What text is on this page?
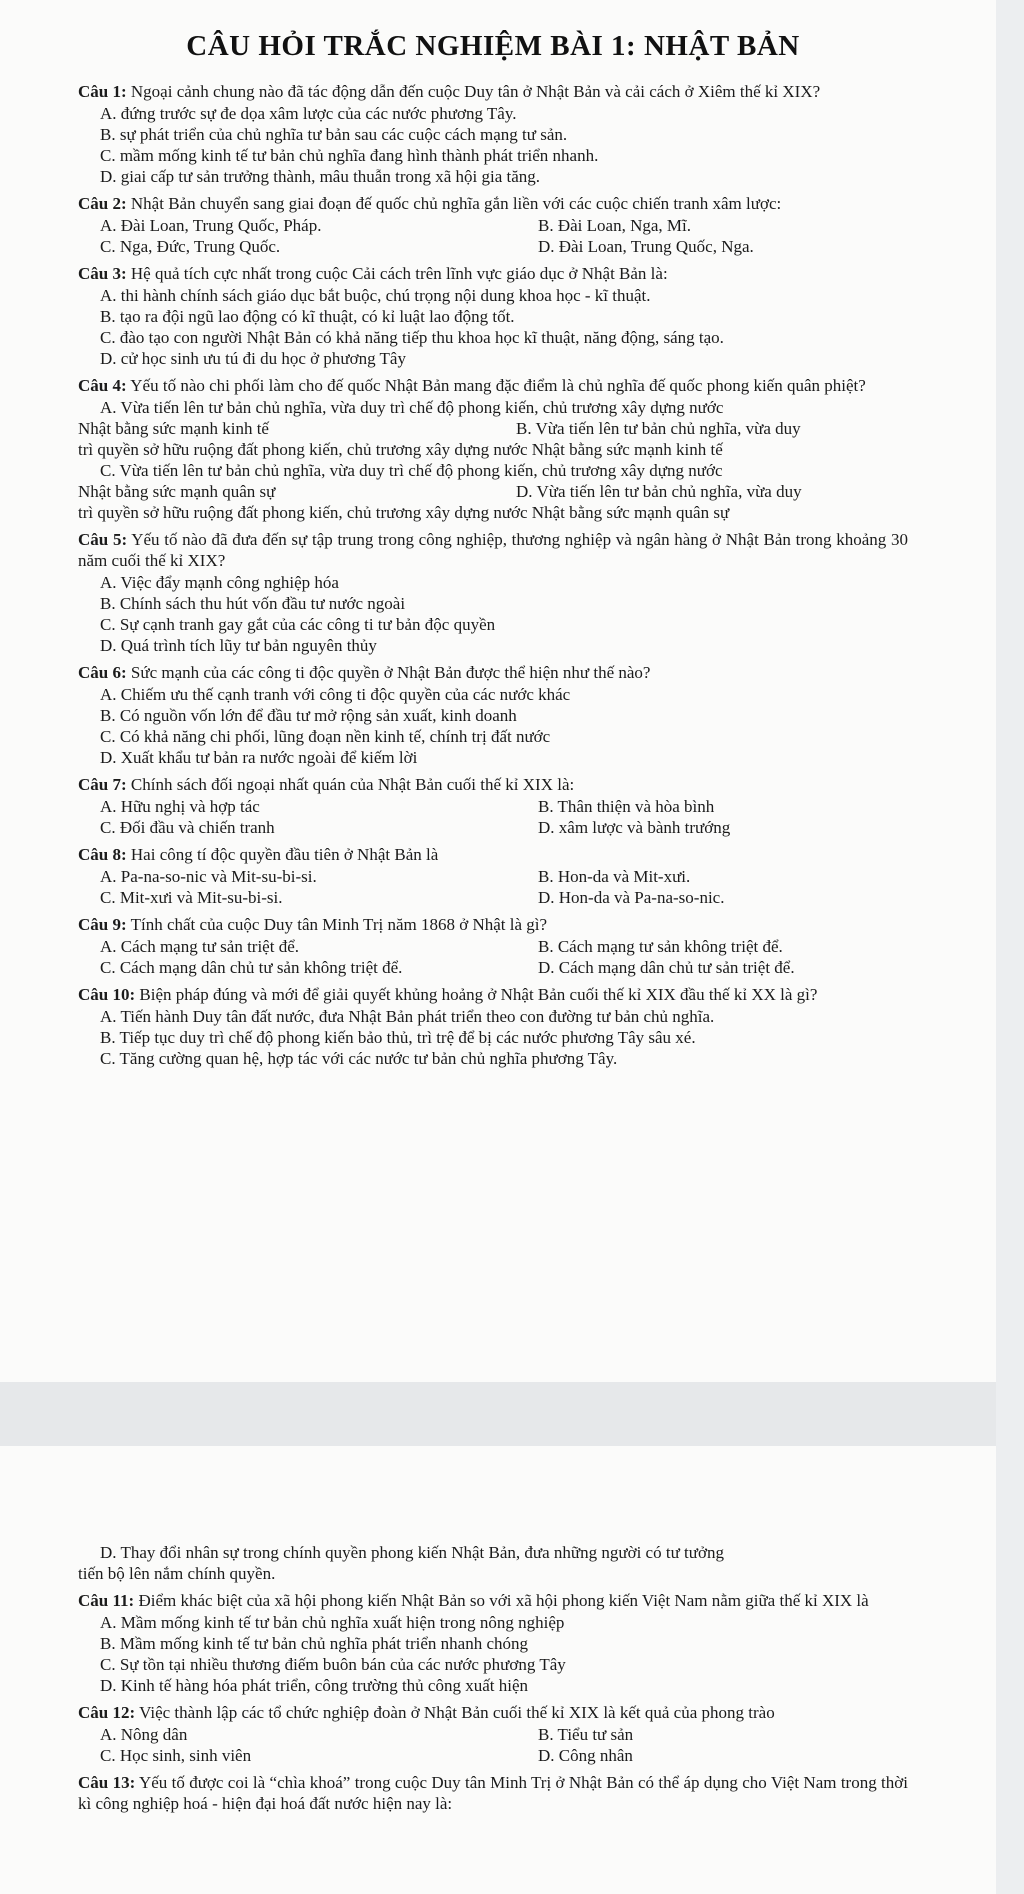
CÂU HỎI TRẮC NGHIỆM BÀI 1: NHẬT BẢN

Câu 1: Ngoại cảnh chung nào đã tác động dẫn đến cuộc Duy tân ở Nhật Bản và cải cách ở Xiêm thế kỉ XIX?

A. đứng trước sự đe dọa xâm lược của các nước phương Tây.

B. sự phát triển của chủ nghĩa tư bản sau các cuộc cách mạng tư sản.

C. mầm mống kinh tế tư bản chủ nghĩa đang hình thành phát triển nhanh.

D. giai cấp tư sản trưởng thành, mâu thuẫn trong xã hội gia tăng.

Câu 2: Nhật Bản chuyển sang giai đoạn đế quốc chủ nghĩa gắn liền với các cuộc chiến tranh xâm lược:

A. Đài Loan, Trung Quốc, Pháp.	B. Đài Loan, Nga, Mĩ.
C. Nga, Đức, Trung Quốc.	D. Đài Loan, Trung Quốc, Nga.

Câu 3: Hệ quả tích cực nhất trong cuộc Cải cách trên lĩnh vực giáo dục ở Nhật Bản là:

A. thi hành chính sách giáo dục bắt buộc, chú trọng nội dung khoa học - kĩ thuật.

B. tạo ra đội ngũ lao động có kĩ thuật, có kỉ luật lao động tốt.

C. đào tạo con người Nhật Bản có khả năng tiếp thu khoa học kĩ thuật, năng động, sáng tạo.

D. cử học sinh ưu tú đi du học ở phương Tây

Câu 4: Yếu tố nào chi phối làm cho đế quốc Nhật Bản mang đặc điểm là chủ nghĩa đế quốc phong kiến quân phiệt?

A. Vừa tiến lên tư bản chủ nghĩa, vừa duy trì chế độ phong kiến, chủ trương xây dựng nước

Nhật bằng sức mạnh kinh tế	B. Vừa tiến lên tư bản chủ nghĩa, vừa duy

trì quyền sở hữu ruộng đất phong kiến, chủ trương xây dựng nước Nhật bằng sức mạnh kinh tế

C. Vừa tiến lên tư bản chủ nghĩa, vừa duy trì chế độ phong kiến, chủ trương xây dựng nước

Nhật bằng sức mạnh quân sự	D. Vừa tiến lên tư bản chủ nghĩa, vừa duy

trì quyền sở hữu ruộng đất phong kiến, chủ trương xây dựng nước Nhật bằng sức mạnh quân sự

Câu 5: Yếu tố nào đã đưa đến sự tập trung trong công nghiệp, thương nghiệp và ngân hàng ở Nhật Bản trong khoảng 30 năm cuối thế kỉ XIX?

A. Việc đẩy mạnh công nghiệp hóa

B. Chính sách thu hút vốn đầu tư nước ngoài

C. Sự cạnh tranh gay gắt của các công ti tư bản độc quyền

D. Quá trình tích lũy tư bản nguyên thủy

Câu 6: Sức mạnh của các công ti độc quyền ở Nhật Bản được thể hiện như thế nào?

A. Chiếm ưu thế cạnh tranh với công ti độc quyền của các nước khác

B. Có nguồn vốn lớn để đầu tư mở rộng sản xuất, kinh doanh

C. Có khả năng chi phối, lũng đoạn nền kinh tế, chính trị đất nước

D. Xuất khẩu tư bản ra nước ngoài để kiếm lời

Câu 7: Chính sách đối ngoại nhất quán của Nhật Bản cuối thế kỉ XIX là:

A. Hữu nghị và hợp tác	B. Thân thiện và hòa bình
C. Đối đầu và chiến tranh	D. xâm lược và bành trướng

Câu 8: Hai công tí độc quyền đầu tiên ở Nhật Bản là

A. Pa-na-so-nic và Mit-su-bi-si.	B. Hon-da và Mit-xưi.
C. Mit-xưi và Mit-su-bi-si.	D. Hon-da và Pa-na-so-nic.

Câu 9: Tính chất của cuộc Duy tân Minh Trị năm 1868 ở Nhật là gì?

A. Cách mạng tư sản triệt để.	B. Cách mạng tư sản không triệt để.
C. Cách mạng dân chủ tư sản không triệt để.	D. Cách mạng dân chủ tư sản triệt để.

Câu 10: Biện pháp đúng và mới để giải quyết khủng hoảng ở Nhật Bản cuối thế kỉ XIX đầu thế kỉ XX là gì?

A. Tiến hành Duy tân đất nước, đưa Nhật Bản phát triển theo con đường tư bản chủ nghĩa.

B. Tiếp tục duy trì chế độ phong kiến bảo thủ, trì trệ để bị các nước phương Tây sâu xé.

C. Tăng cường quan hệ, hợp tác với các nước tư bản chủ nghĩa phương Tây.

D. Thay đổi nhân sự trong chính quyền phong kiến Nhật Bản, đưa những người có tư tưởng

tiến bộ lên nắm chính quyền.

Câu 11: Điểm khác biệt của xã hội phong kiến Nhật Bản so với xã hội phong kiến Việt Nam nằm giữa thế kỉ XIX là

A. Mầm mống kinh tế tư bản chủ nghĩa xuất hiện trong nông nghiệp

B. Mầm mống kinh tế tư bản chủ nghĩa phát triển nhanh chóng

C. Sự tồn tại nhiều thương điếm buôn bán của các nước phương Tây

D. Kinh tế hàng hóa phát triển, công trường thủ công xuất hiện

Câu 12: Việc thành lập các tổ chức nghiệp đoàn ở Nhật Bản cuối thế kỉ XIX là kết quả của phong trào

A. Nông dân	B. Tiểu tư sản
C. Học sinh, sinh viên	D. Công nhân

Câu 13: Yếu tố được coi là “chìa khoá” trong cuộc Duy tân Minh Trị ở Nhật Bản có thể áp dụng cho Việt Nam trong thời kì công nghiệp hoá - hiện đại hoá đất nước hiện nay là:
